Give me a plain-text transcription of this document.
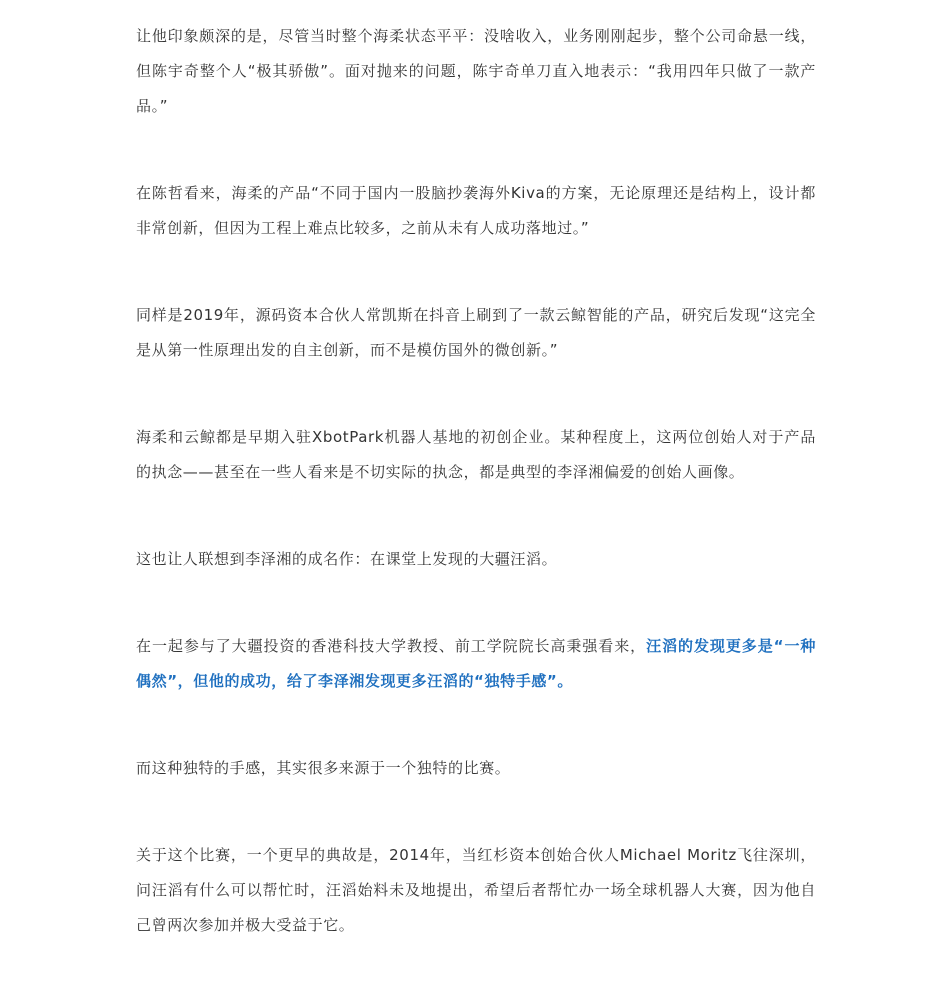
让他印象颇深的是，尽管当时整个海柔状态平平：没啥收入，业务刚刚起步，整个公司命悬一线，但陈宇奇整个人“极其骄傲”。面对抛来的问题，陈宇奇单刀直入地表示：“我用四年只做了一款产品。”

在陈哲看来，海柔的产品“不同于国内一股脑抄袭海外Kiva的方案，无论原理还是结构上，设计都非常创新，但因为工程上难点比较多，之前从未有人成功落地过。”

同样是2019年，源码资本合伙人常凯斯在抖音上刷到了一款云鲸智能的产品，研究后发现“这完全是从第一性原理出发的自主创新，而不是模仿国外的微创新。”

海柔和云鲸都是早期入驻XbotPark机器人基地的初创企业。某种程度上，这两位创始人对于产品的执念——甚至在一些人看来是不切实际的执念，都是典型的李泽湘偏爱的创始人画像。

这也让人联想到李泽湘的成名作：在课堂上发现的大疆汪滔。

在一起参与了大疆投资的香港科技大学教授、前工学院院长高秉强看来，汪滔的发现更多是“一种偶然”，但他的成功，给了李泽湘发现更多汪滔的“独特手感”。

而这种独特的手感，其实很多来源于一个独特的比赛。

关于这个比赛，一个更早的典故是，2014年，当红杉资本创始合伙人Michael Moritz飞往深圳，问汪滔有什么可以帮忙时，汪滔始料未及地提出，希望后者帮忙办一场全球机器人大赛，因为他自己曾两次参加并极大受益于它。
